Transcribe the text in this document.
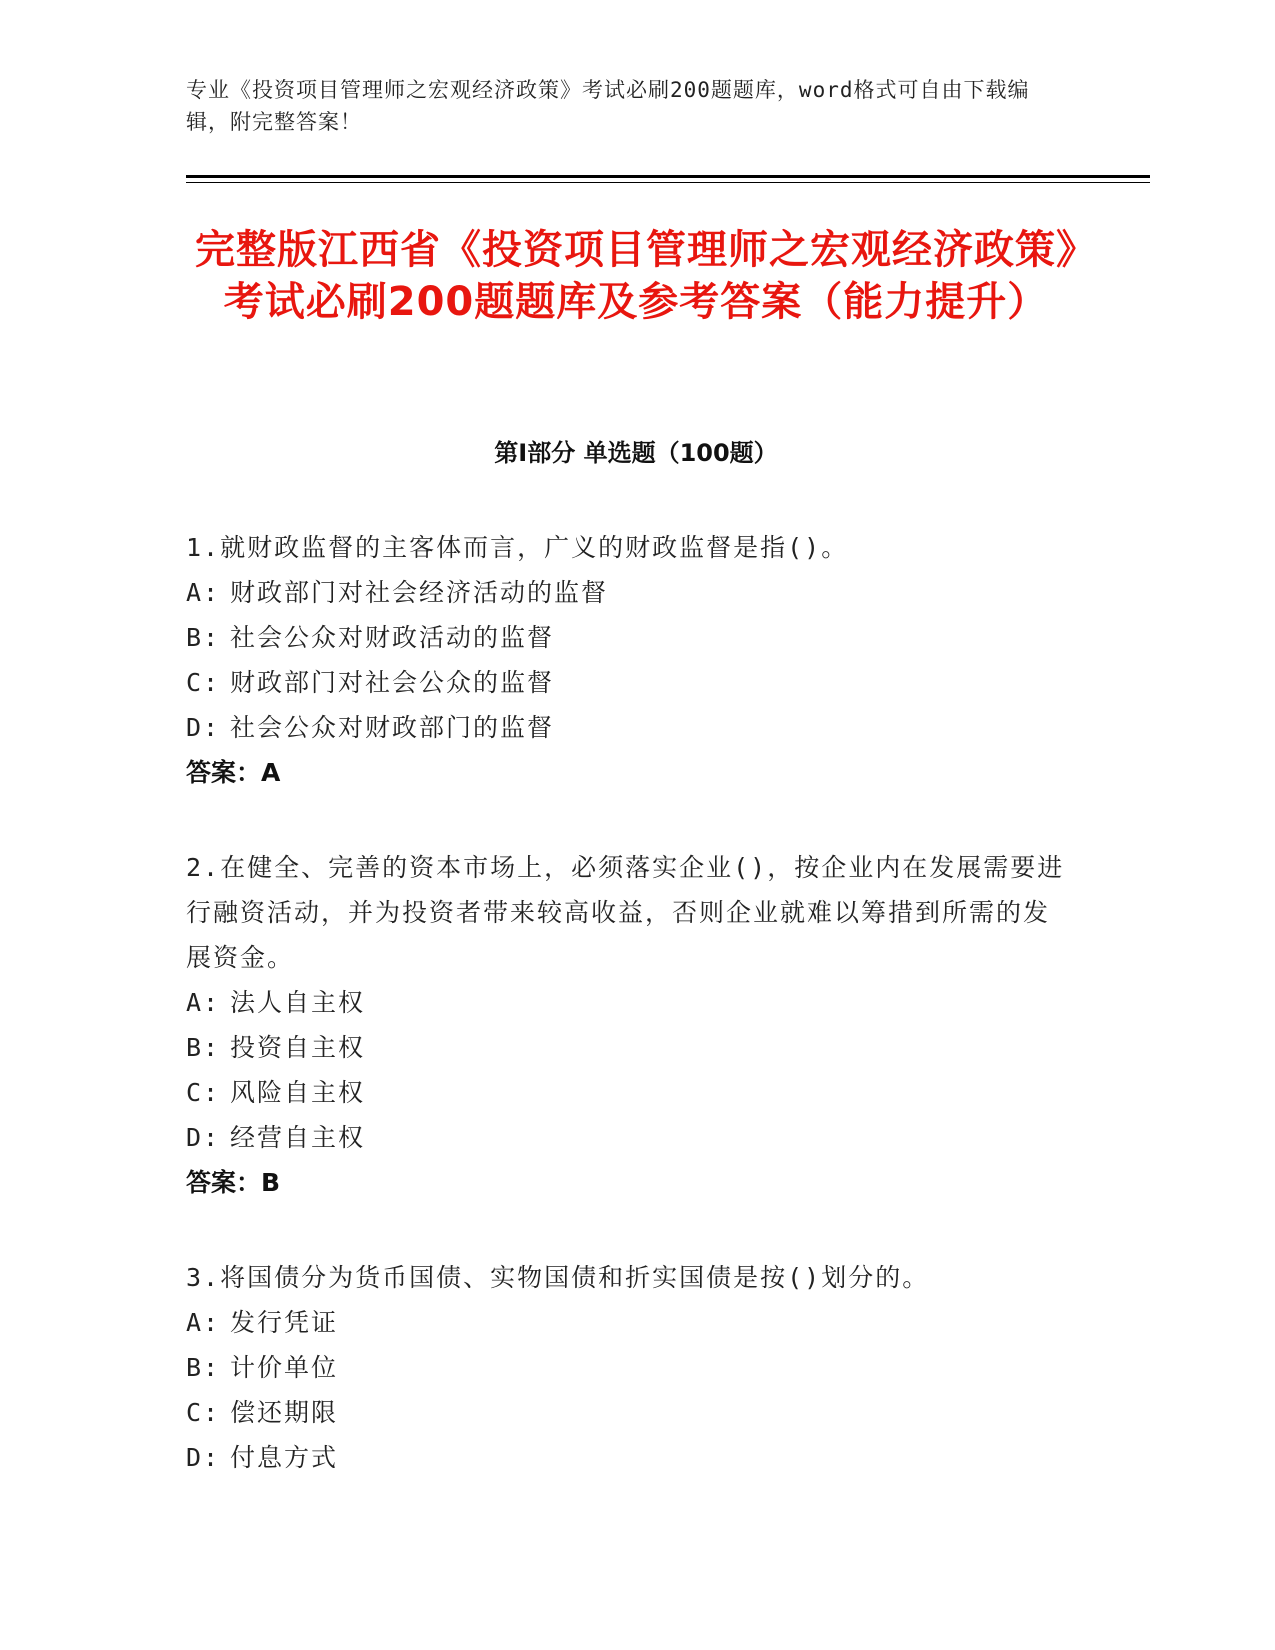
专业《投资项目管理师之宏观经济政策》考试必刷200题题库，word格式可自由下载编辑，附完整答案！
完整版江西省《投资项目管理师之宏观经济政策》考试必刷200题题库及参考答案（能力提升）
第Ⅰ部分 单选题（100题）

1.就财政监督的主客体而言，广义的财政监督是指()。

A: 财政部门对社会经济活动的监督
B: 社会公众对财政活动的监督
C: 财政部门对社会公众的监督
D: 社会公众对财政部门的监督

答案：A

2.在健全、完善的资本市场上，必须落实企业()，按企业内在发展需要进行融资活动，并为投资者带来较高收益，否则企业就难以筹措到所需的发展资金。

A: 法人自主权
B: 投资自主权
C: 风险自主权
D: 经营自主权

答案：B

3.将国债分为货币国债、实物国债和折实国债是按()划分的。

A: 发行凭证
B: 计价单位
C: 偿还期限
D: 付息方式
